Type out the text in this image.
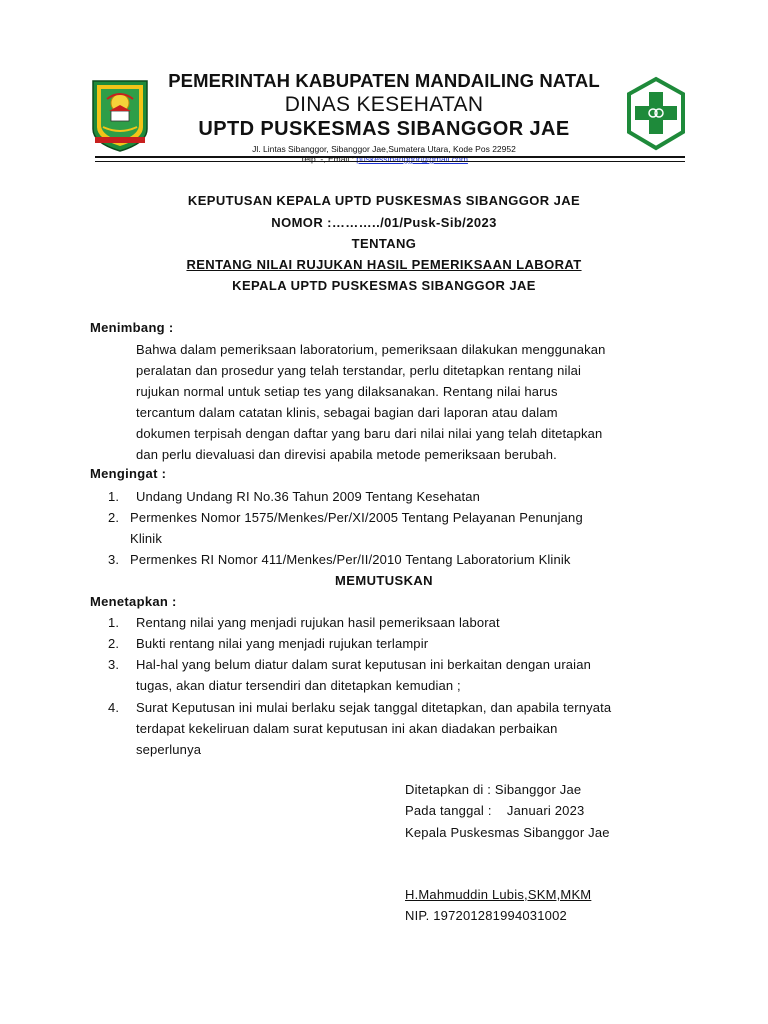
PEMERINTAH KABUPATEN MANDAILING NATAL
DINAS KESEHATAN
UPTD PUSKESMAS SIBANGGOR JAE
Jl. Lintas Sibanggor, Sibanggor Jae,Sumatera Utara, Kode Pos 22952
Telp. -, Email : puskessibanggor@gmail.com
KEPUTUSAN KEPALA UPTD PUSKESMAS SIBANGGOR JAE
NOMOR :………../01/Pusk-Sib/2023
TENTANG
RENTANG NILAI RUJUKAN HASIL PEMERIKSAAN LABORAT
KEPALA UPTD PUSKESMAS SIBANGGOR JAE
Menimbang :
Bahwa dalam pemeriksaan laboratorium, pemeriksaan dilakukan menggunakan
peralatan dan prosedur yang telah terstandar, perlu ditetapkan rentang nilai
rujukan normal untuk setiap tes yang dilaksanakan. Rentang nilai harus
tercantum dalam catatan klinis, sebagai bagian dari laporan atau dalam
dokumen terpisah dengan daftar yang baru dari nilai nilai yang telah ditetapkan
dan perlu dievaluasi dan direvisi apabila metode pemeriksaan berubah.
Mengingat :
1. Undang Undang RI No.36 Tahun 2009 Tentang Kesehatan
2. Permenkes Nomor 1575/Menkes/Per/XI/2005 Tentang Pelayanan Penunjang
Klinik
3. Permenkes RI Nomor 411/Menkes/Per/II/2010 Tentang Laboratorium Klinik
MEMUTUSKAN
Menetapkan :
1. Rentang nilai yang menjadi rujukan hasil pemeriksaan laborat
2. Bukti rentang nilai yang menjadi rujukan terlampir
3. Hal-hal yang belum diatur dalam surat keputusan ini berkaitan dengan uraian
tugas, akan diatur tersendiri dan ditetapkan kemudian ;
4. Surat Keputusan ini mulai berlaku sejak tanggal ditetapkan, dan apabila ternyata
terdapat kekeliruan dalam surat keputusan ini akan diadakan perbaikan
seperlunya
Ditetapkan di : Sibanggor Jae
Pada tanggal :    Januari 2023
Kepala Puskesmas Sibanggor Jae
H.Mahmuddin Lubis,SKM,MKM
NIP. 197201281994031002
